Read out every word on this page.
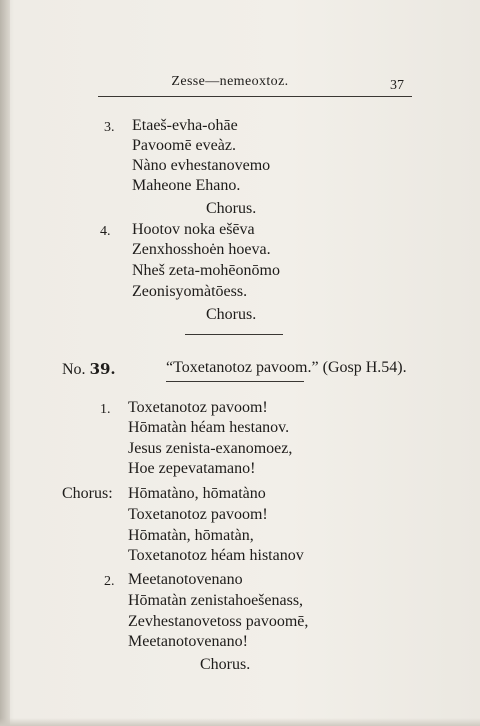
Zesse—nemeoxtoz.	37
3. Etaeš-evha-ohāe
Pavoomē eveàz.
Nàno evhestanovemo
Maheone Ehano.
Chorus.
4. Hootov noka ešēva
Zenxhosshoėn hoeva.
Nheš zeta-mohēonōmo
Zeonisyomàtōess.
Chorus.
No. 39.	“Toxetanotoz pavoom.” (Gosp H.54).
1. Toxetanotoz pavoom!
Hōmatàn héam hestanov.
Jesus zenista-exanomoez,
Hoe zepevatamano!
Chorus: Hōmatàno, hōmatàno
Toxetanotoz pavoom!
Hōmatàn, hōmatàn,
Toxetanotoz héam histanov
2. Meetanotovenano
Hōmatàn zenistahoešenass,
Zevhestanovetoss pavoomē,
Meetanotovenano!
Chorus.
